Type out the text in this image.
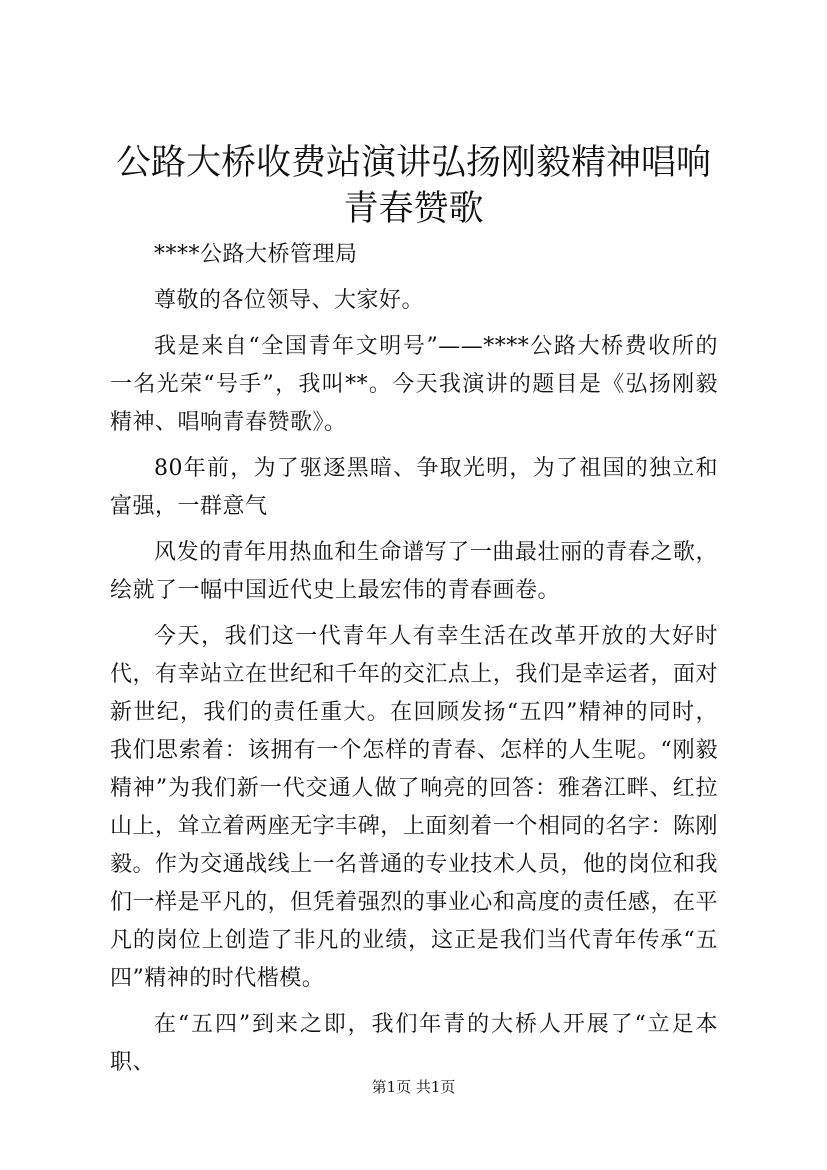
公路大桥收费站演讲弘扬刚毅精神唱响青春赞歌

****公路大桥管理局

尊敬的各位领导、大家好。

我是来自“全国青年文明号”——****公路大桥费收所的一名光荣“号手”，我叫**。今天我演讲的题目是《弘扬刚毅精神、唱响青春赞歌》。

80年前，为了驱逐黑暗、争取光明，为了祖国的独立和富强，一群意气

风发的青年用热血和生命谱写了一曲最壮丽的青春之歌，绘就了一幅中国近代史上最宏伟的青春画卷。

今天，我们这一代青年人有幸生活在改革开放的大好时代，有幸站立在世纪和千年的交汇点上，我们是幸运者，面对新世纪，我们的责任重大。在回顾发扬“五四”精神的同时，我们思索着：该拥有一个怎样的青春、怎样的人生呢。“刚毅精神”为我们新一代交通人做了响亮的回答：雅砻江畔、红拉山上，耸立着两座无字丰碑，上面刻着一个相同的名字：陈刚毅。作为交通战线上一名普通的专业技术人员，他的岗位和我们一样是平凡的，但凭着强烈的事业心和高度的责任感，在平凡的岗位上创造了非凡的业绩，这正是我们当代青年传承“五四”精神的时代楷模。

在“五四”到来之即，我们年青的大桥人开展了“立足本职、

第1页 共1页
